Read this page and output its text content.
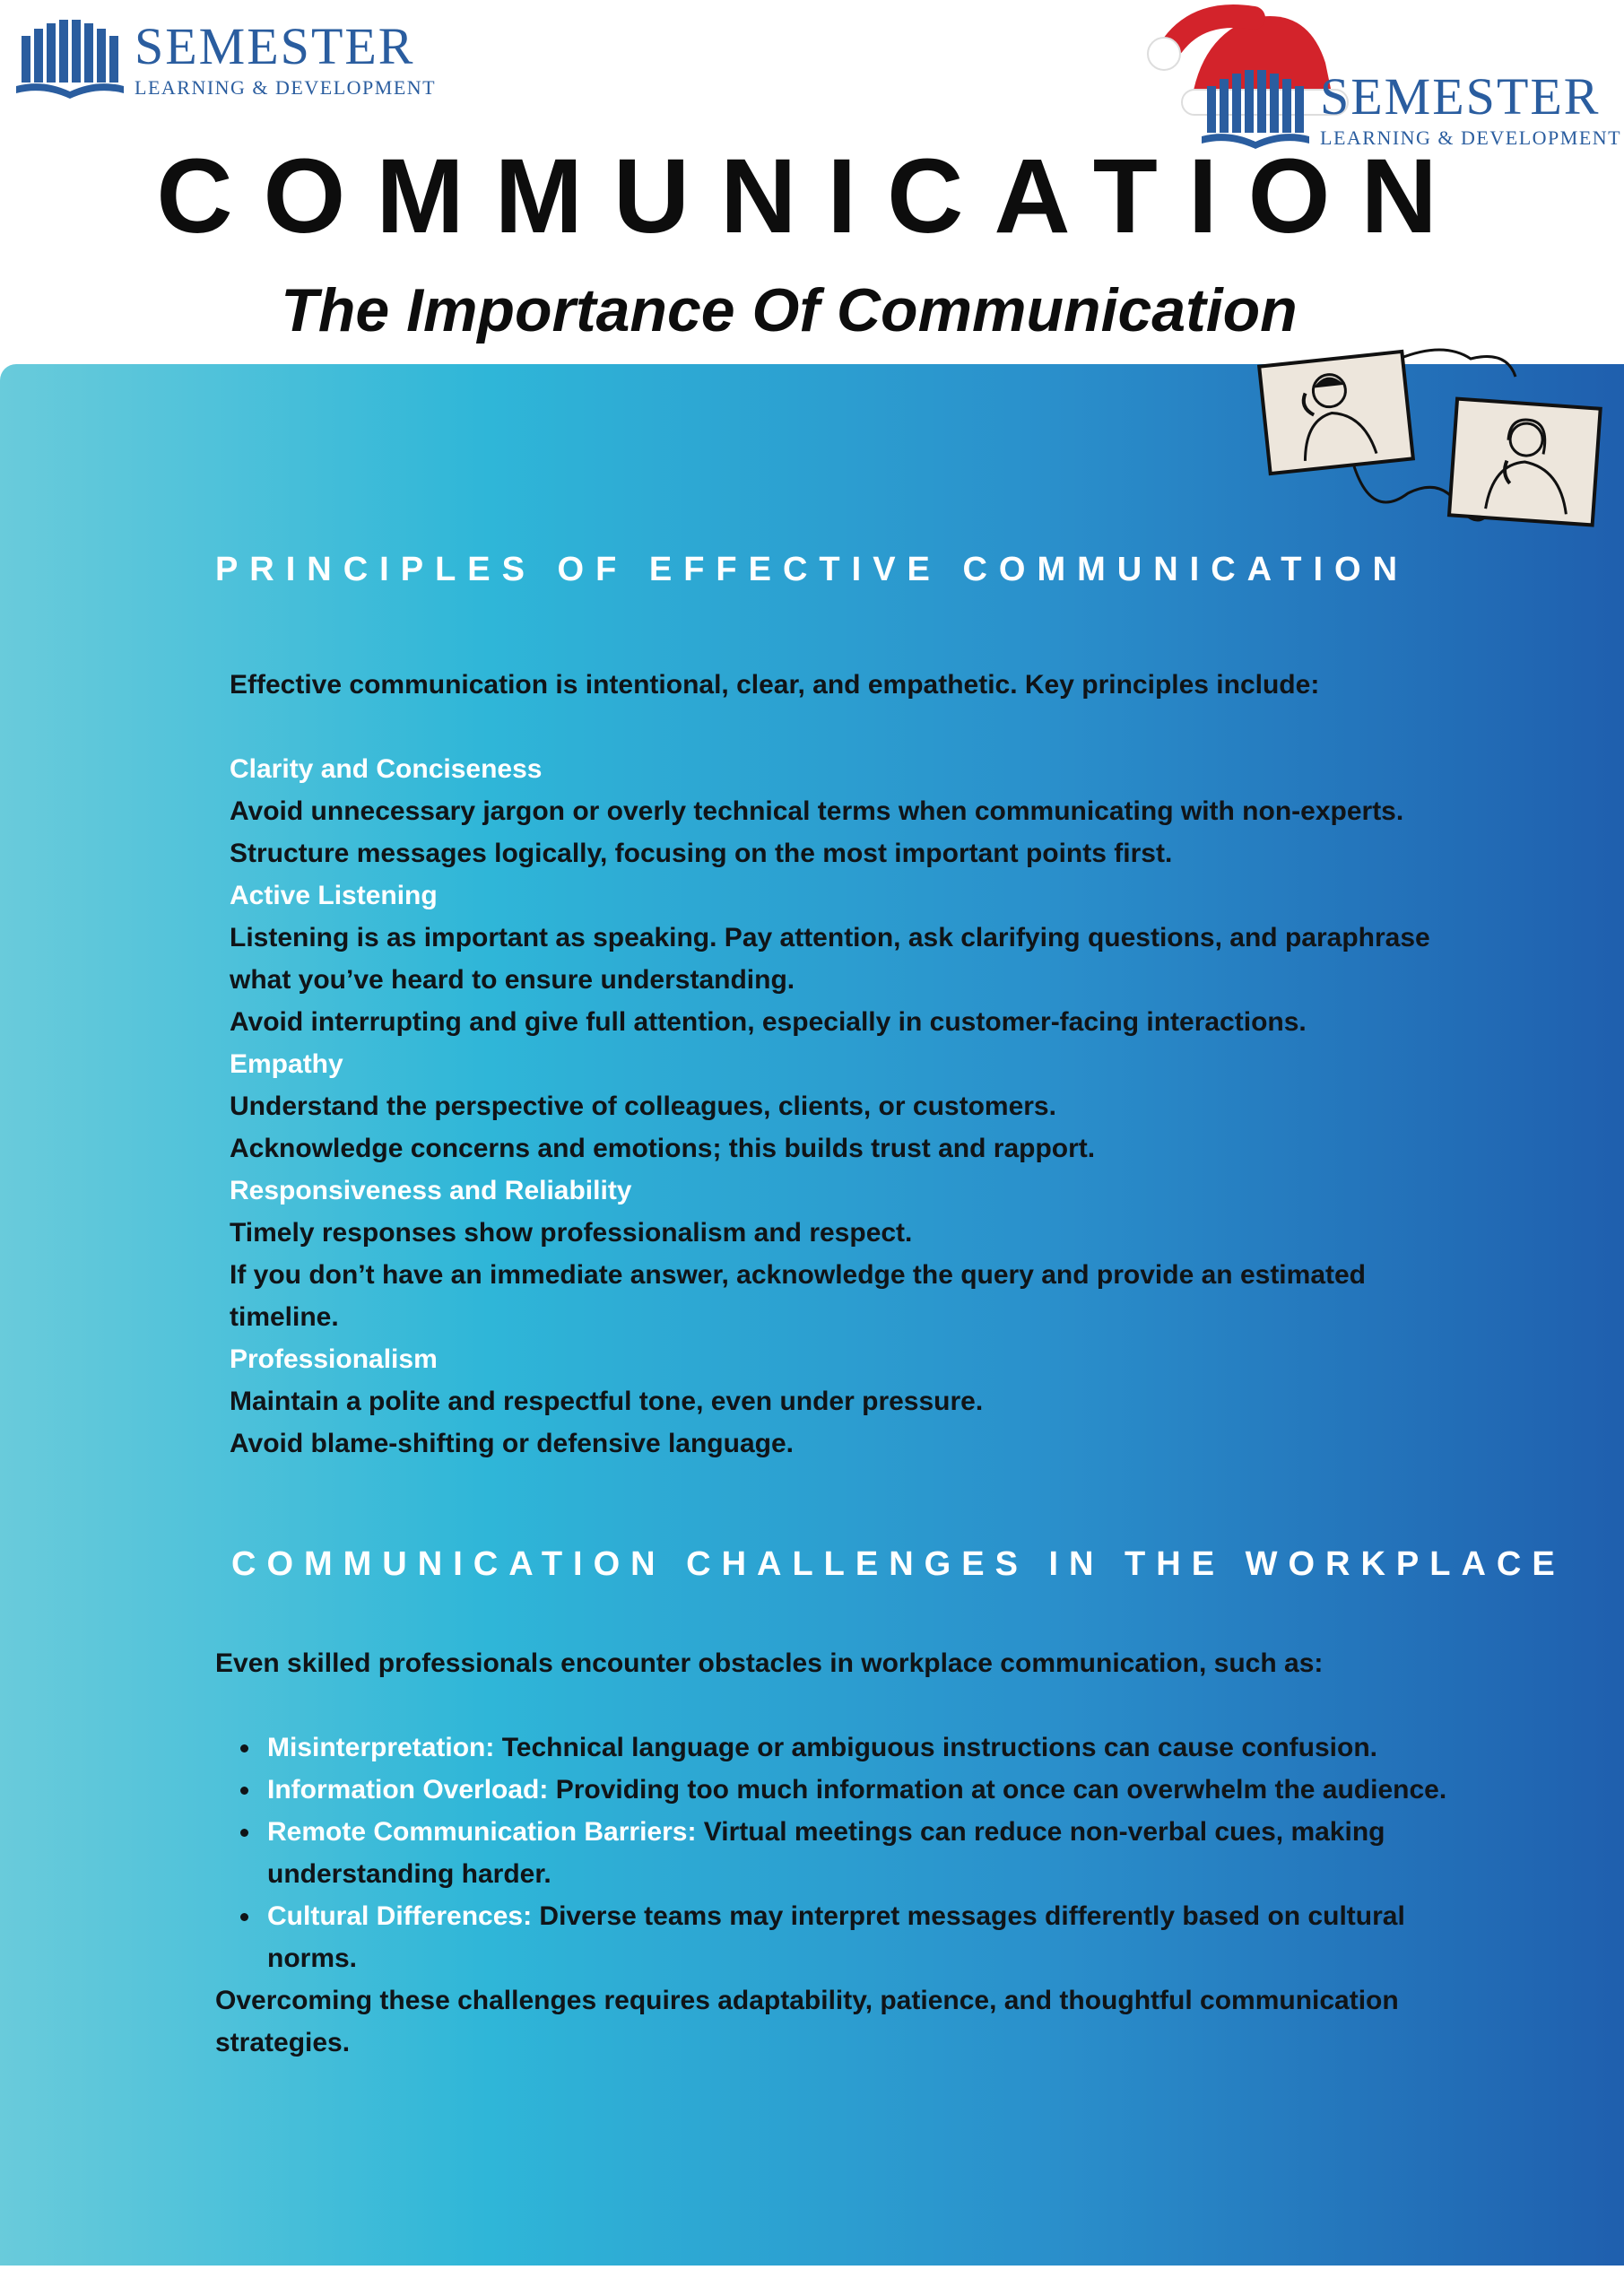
SEMESTER
LEARNING & DEVELOPMENT	SEMESTER
LEARNING & DEVELOPMENT
COMMUNICATION
The Importance Of Communication
PRINCIPLES OF EFFECTIVE COMMUNICATION
Effective communication is intentional, clear, and empathetic. Key principles include:
Clarity and Conciseness
Avoid unnecessary jargon or overly technical terms when communicating with non-experts.
Structure messages logically, focusing on the most important points first.
Active Listening
Listening is as important as speaking. Pay attention, ask clarifying questions, and paraphrase
what you’ve heard to ensure understanding.
Avoid interrupting and give full attention, especially in customer-facing interactions.
Empathy
Understand the perspective of colleagues, clients, or customers.
Acknowledge concerns and emotions; this builds trust and rapport.
Responsiveness and Reliability
Timely responses show professionalism and respect.
If you don’t have an immediate answer, acknowledge the query and provide an estimated
timeline.
Professionalism
Maintain a polite and respectful tone, even under pressure.
Avoid blame-shifting or defensive language.
COMMUNICATION CHALLENGES IN THE WORKPLACE
Even skilled professionals encounter obstacles in workplace communication, such as:
Misinterpretation: Technical language or ambiguous instructions can cause confusion.
Information Overload: Providing too much information at once can overwhelm the audience.
Remote Communication Barriers: Virtual meetings can reduce non-verbal cues, making understanding harder.
Cultural Differences: Diverse teams may interpret messages differently based on cultural norms.
Overcoming these challenges requires adaptability, patience, and thoughtful communication
strategies.
